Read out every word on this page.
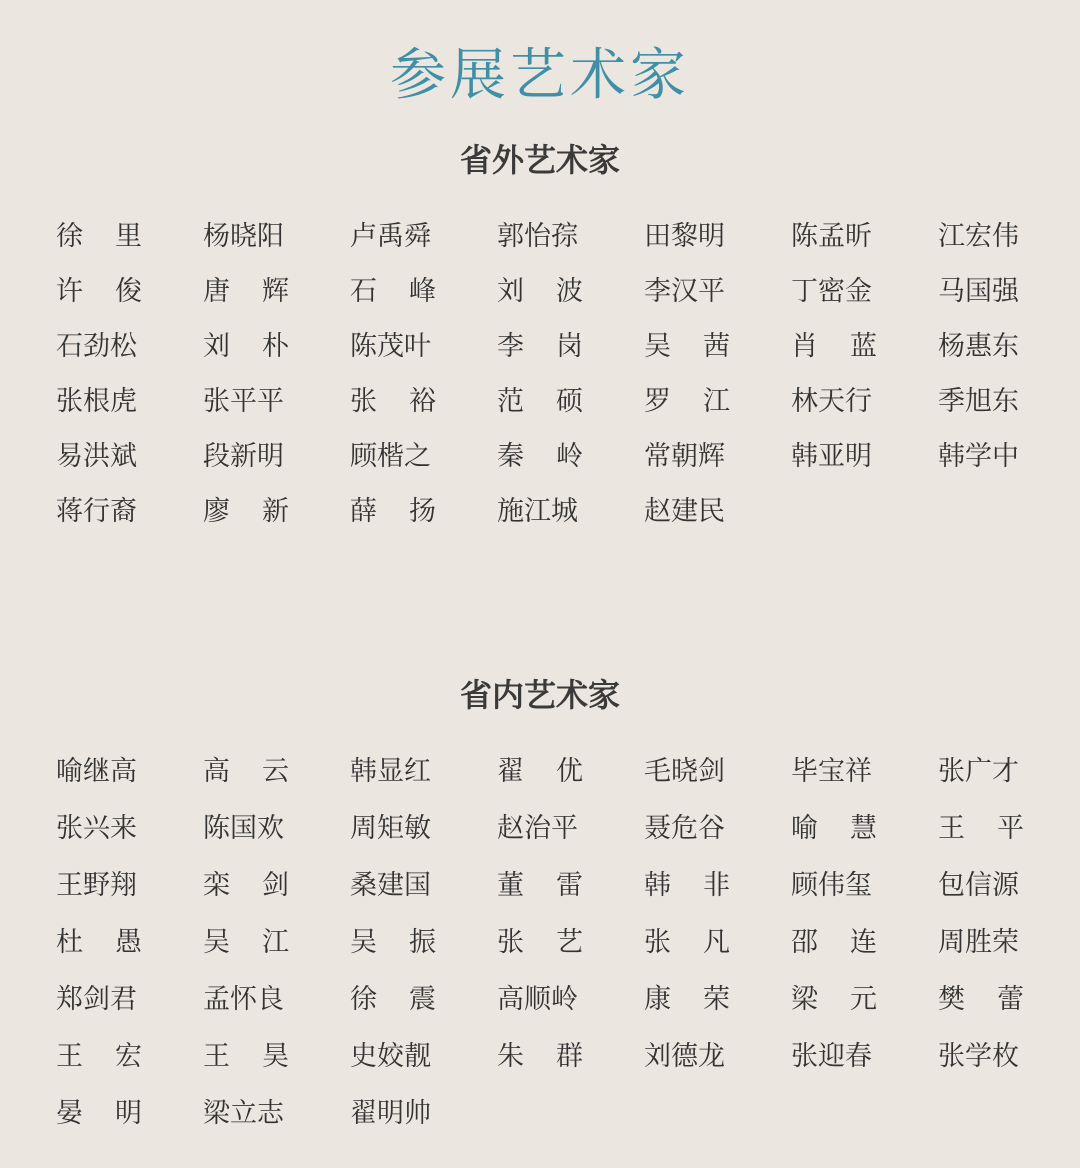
参展艺术家
省外艺术家
徐 里 杨晓阳 卢禹舜 郭怡孮 田黎明 陈孟昕 江宏伟
许 俊 唐 辉 石 峰 刘 波 李汉平 丁密金 马国强
石劲松 刘 朴 陈茂叶 李 岗 吴 茜 肖 蓝 杨惠东
张根虎 张平平 张 裕 范 硕 罗 江 林天行 季旭东
易洪斌 段新明 顾楷之 秦 岭 常朝辉 韩亚明 韩学中
蒋行裔 廖 新 薛 扬 施江城 赵建民
省内艺术家
喻继高 高 云 韩显红 翟 优 毛晓剑 毕宝祥 张广才
张兴来 陈国欢 周矩敏 赵治平 聂危谷 喻 慧 王 平
王野翔 栾 剑 桑建国 董 雷 韩 非 顾伟玺 包信源
杜 愚 吴 江 吴 振 张 艺 张 凡 邵 连 周胜荣
郑剑君 孟怀良 徐 震 高顺岭 康 荣 梁 元 樊 蕾
王 宏 王 昊 史姣靓 朱 群 刘德龙 张迎春 张学枚
晏 明 梁立志 翟明帅
